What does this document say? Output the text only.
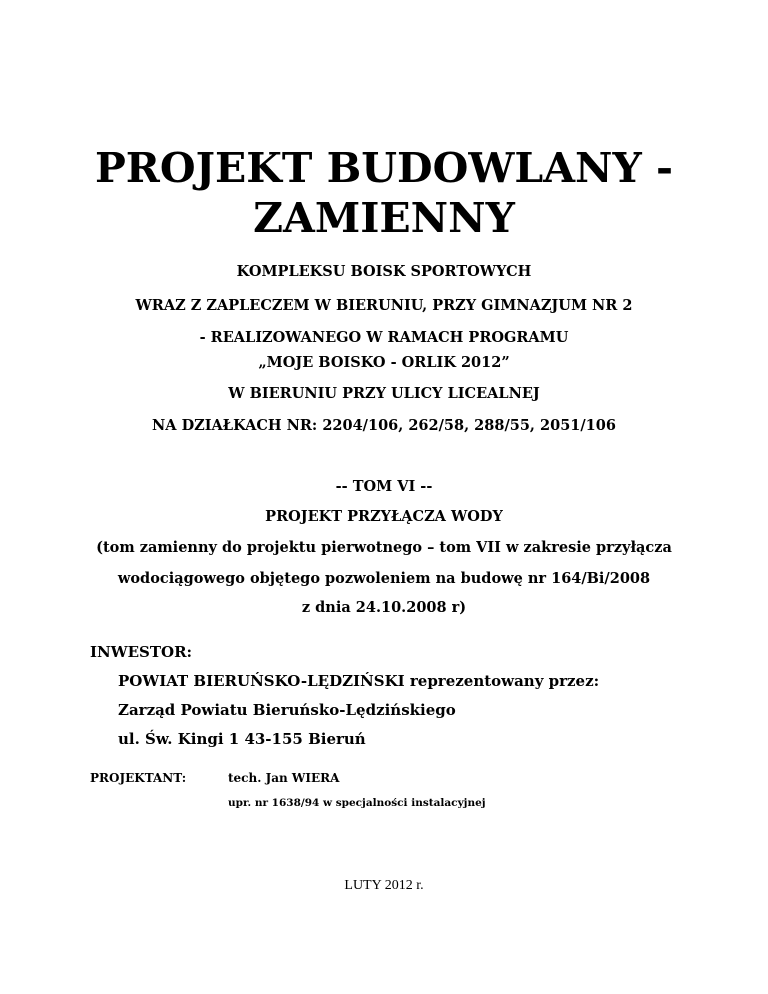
PROJEKT BUDOWLANY -
ZAMIENNY
KOMPLEKSU BOISK SPORTOWYCH
WRAZ Z ZAPLECZEM W BIERUNIU, PRZY GIMNAZJUM NR 2
- REALIZOWANEGO W RAMACH PROGRAMU
„MOJE BOISKO - ORLIK 2012”
W BIERUNIU PRZY ULICY LICEALNEJ
NA DZIAŁKACH NR: 2204/106, 262/58, 288/55, 2051/106
-- TOM VI --
PROJEKT PRZYŁĄCZA WODY
(tom zamienny do projektu pierwotnego – tom VII w zakresie przyłącza
wodociągowego objętego pozwoleniem na budowę nr 164/Bi/2008
z dnia 24.10.2008 r)
INWESTOR:
POWIAT BIERUŃSKO-LĘDZIŃSKI reprezentowany przez:
Zarząd Powiatu Bieruńsko-Lędzińskiego
ul. Św. Kingi 1 43-155 Bieruń
PROJEKTANT:	tech. Jan WIERA
upr. nr 1638/94 w specjalności instalacyjnej
LUTY 2012 r.
